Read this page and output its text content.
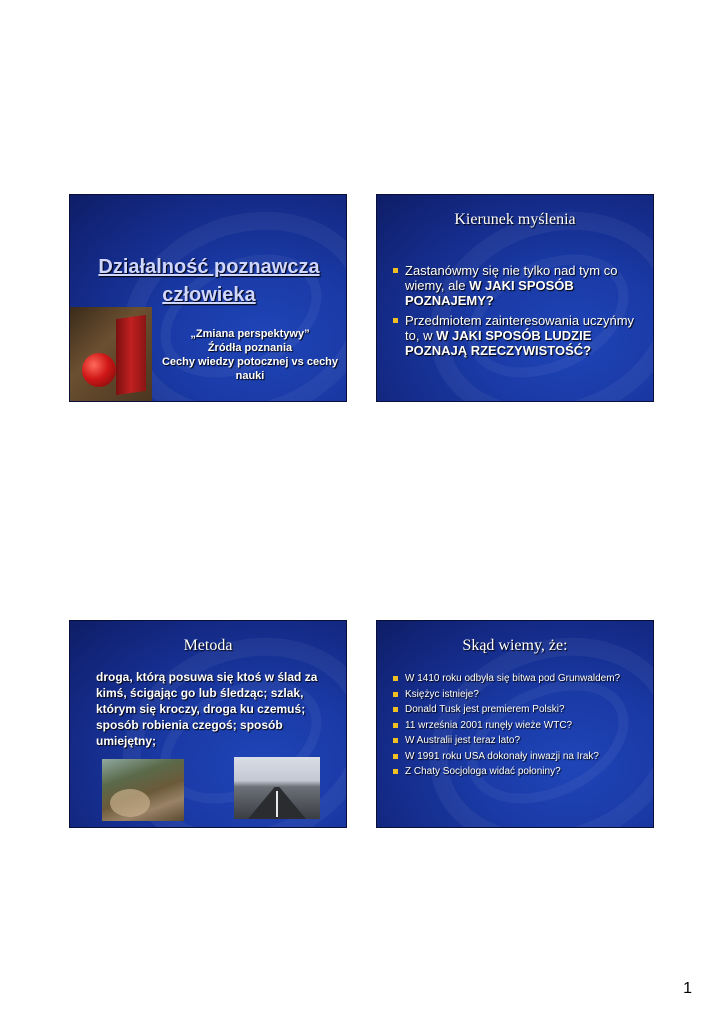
Działalność poznawcza człowieka
„Zmiana perspektywy”
Źródła poznania
Cechy wiedzy potocznej vs cechy nauki
Kierunek myślenia
Zastanówmy się nie tylko nad tym co wiemy, ale W JAKI SPOSÓB POZNAJEMY?
Przedmiotem zainteresowania uczyńmy to, w W JAKI SPOSÓB LUDZIE POZNAJĄ RZECZYWISTOŚĆ?
Metoda
droga, którą posuwa się ktoś w ślad za kimś, ścigając go lub śledząc; szlak, którym się kroczy, droga ku czemuś; sposób robienia czegoś; sposób umiejętny;
Skąd wiemy, że:
W 1410 roku odbyła się bitwa pod Grunwaldem?
Księżyc istnieje?
Donald Tusk jest premierem Polski?
11 września 2001 runęły wieże WTC?
W Australii jest teraz lato?
W 1991 roku USA dokonały inwazji na Irak?
Z Chaty Socjologa widać połoniny?
1
